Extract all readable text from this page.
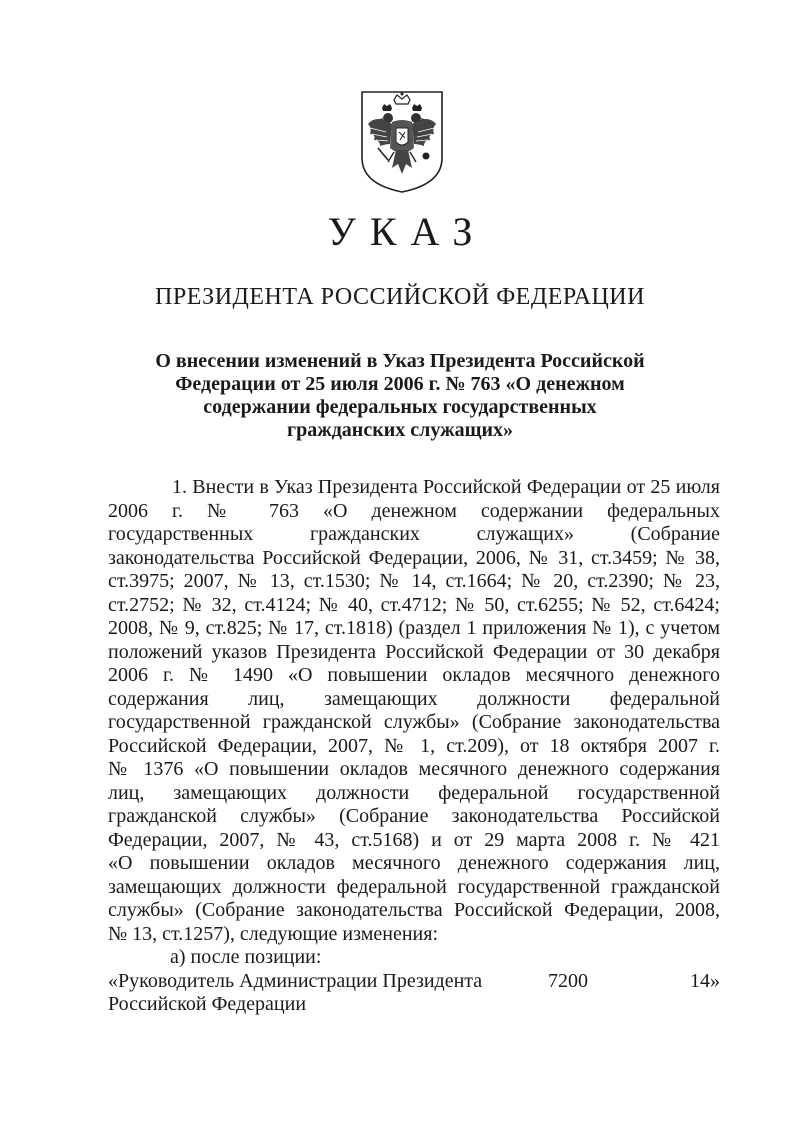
УКАЗ
ПРЕЗИДЕНТА РОССИЙСКОЙ ФЕДЕРАЦИИ
О внесении изменений в Указ Президента Российской
Федерации от 25 июля 2006 г. № 763 «О денежном
содержании федеральных государственных
гражданских служащих»
1. Внести в Указ Президента Российской Федерации от 25 июля
2006 г. № 763 «О денежном содержании федеральных
государственных гражданских служащих» (Собрание
законодательства Российской Федерации, 2006, № 31, ст.3459; № 38,
ст.3975; 2007, № 13, ст.1530; № 14, ст.1664; № 20, ст.2390; № 23,
ст.2752; № 32, ст.4124; № 40, ст.4712; № 50, ст.6255; № 52, ст.6424;
2008, № 9, ст.825; № 17, ст.1818) (раздел 1 приложения № 1), с учетом
положений указов Президента Российской Федерации от 30 декабря
2006 г. № 1490 «О повышении окладов месячного денежного
содержания лиц, замещающих должности федеральной
государственной гражданской службы» (Собрание законодательства
Российской Федерации, 2007, № 1, ст.209), от 18 октября 2007 г.
№ 1376 «О повышении окладов месячного денежного содержания
лиц, замещающих должности федеральной государственной
гражданской службы» (Собрание законодательства Российской
Федерации, 2007, № 43, ст.5168) и от 29 марта 2008 г. № 421
«О повышении окладов месячного денежного содержания лиц,
замещающих должности федеральной государственной гражданской
службы» (Собрание законодательства Российской Федерации, 2008,
№ 13, ст.1257), следующие изменения:
а) после позиции:
«Руководитель Администрации Президента	7200	14»
Российской Федерации
